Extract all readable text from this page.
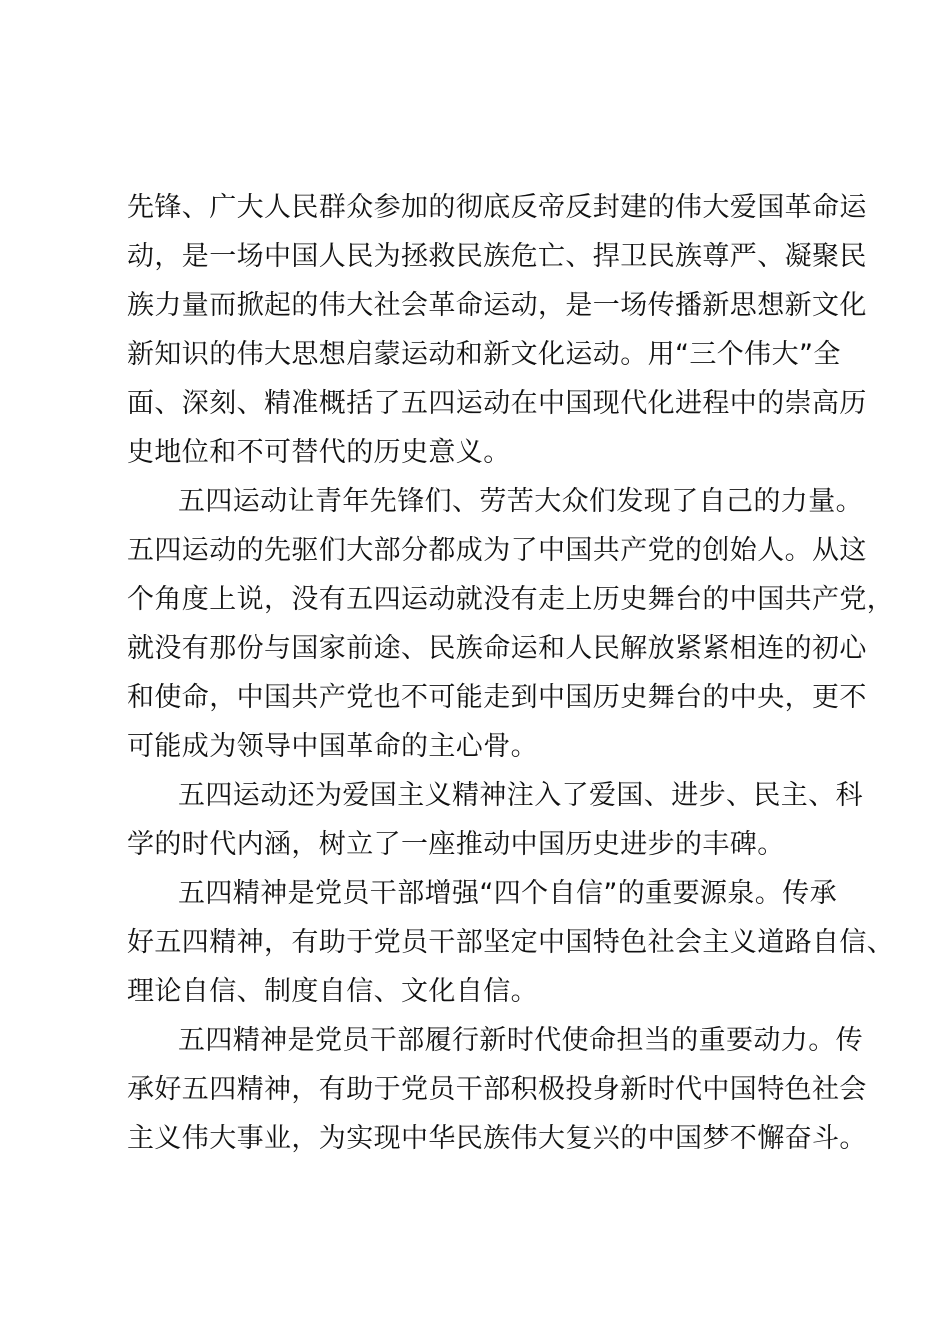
先锋、广大人民群众参加的彻底反帝反封建的伟大爱国革命运
动，是一场中国人民为拯救民族危亡、捍卫民族尊严、凝聚民
族力量而掀起的伟大社会革命运动，是一场传播新思想新文化
新知识的伟大思想启蒙运动和新文化运动。用“三个伟大”全
面、深刻、精准概括了五四运动在中国现代化进程中的崇高历
史地位和不可替代的历史意义。
五四运动让青年先锋们、劳苦大众们发现了自己的力量。
五四运动的先驱们大部分都成为了中国共产党的创始人。从这
个角度上说，没有五四运动就没有走上历史舞台的中国共产党，
就没有那份与国家前途、民族命运和人民解放紧紧相连的初心
和使命，中国共产党也不可能走到中国历史舞台的中央，更不
可能成为领导中国革命的主心骨。
五四运动还为爱国主义精神注入了爱国、进步、民主、科
学的时代内涵，树立了一座推动中国历史进步的丰碑。
五四精神是党员干部增强“四个自信”的重要源泉。传承
好五四精神，有助于党员干部坚定中国特色社会主义道路自信、
理论自信、制度自信、文化自信。
五四精神是党员干部履行新时代使命担当的重要动力。传
承好五四精神，有助于党员干部积极投身新时代中国特色社会
主义伟大事业，为实现中华民族伟大复兴的中国梦不懈奋斗。
